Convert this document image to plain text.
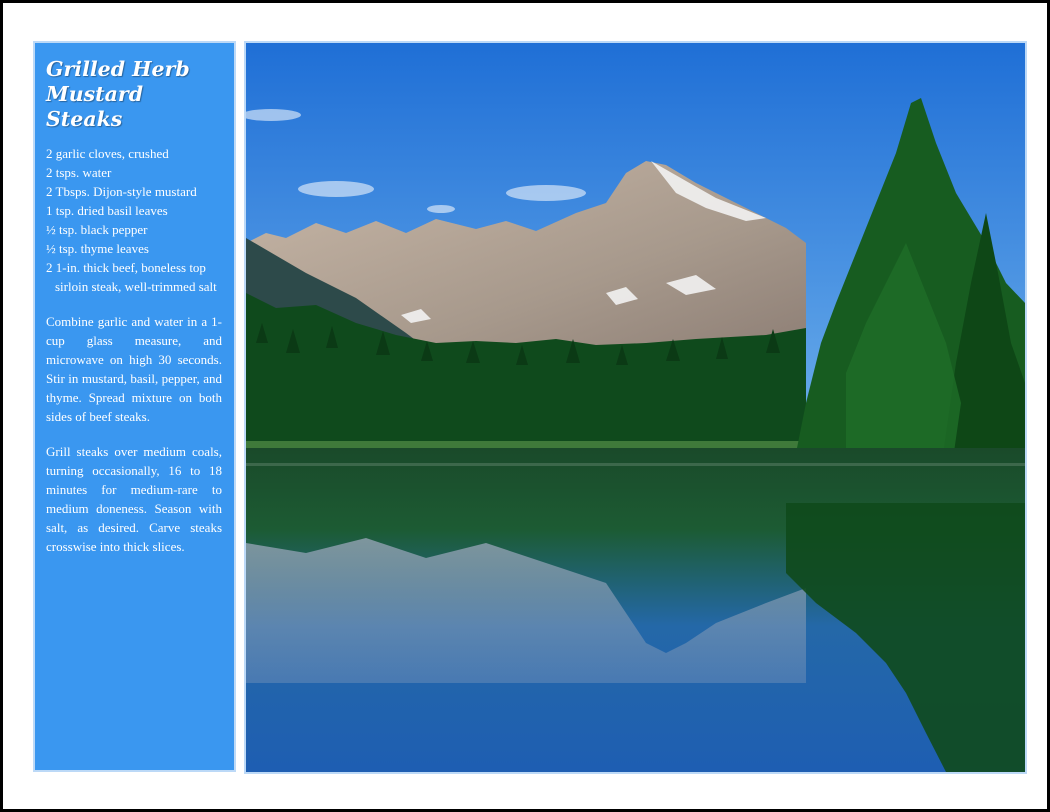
Grilled Herb
Mustard Steaks
2 garlic cloves, crushed
2 tsps. water
2 Tbsps. Dijon-style mustard
1 tsp. dried basil leaves
½ tsp. black pepper
½ tsp. thyme leaves
2 1-in. thick beef, boneless top sirloin steak, well-trimmed salt

Combine garlic and water in a 1-cup glass measure, and microwave on high 30 seconds. Stir in mustard, basil, pepper, and thyme. Spread mixture on both sides of beef steaks.

Grill steaks over medium coals, turning occasionally, 16 to 18 minutes for medium-rare to medium doneness. Season with salt, as desired. Carve steaks crosswise into thick slices.
